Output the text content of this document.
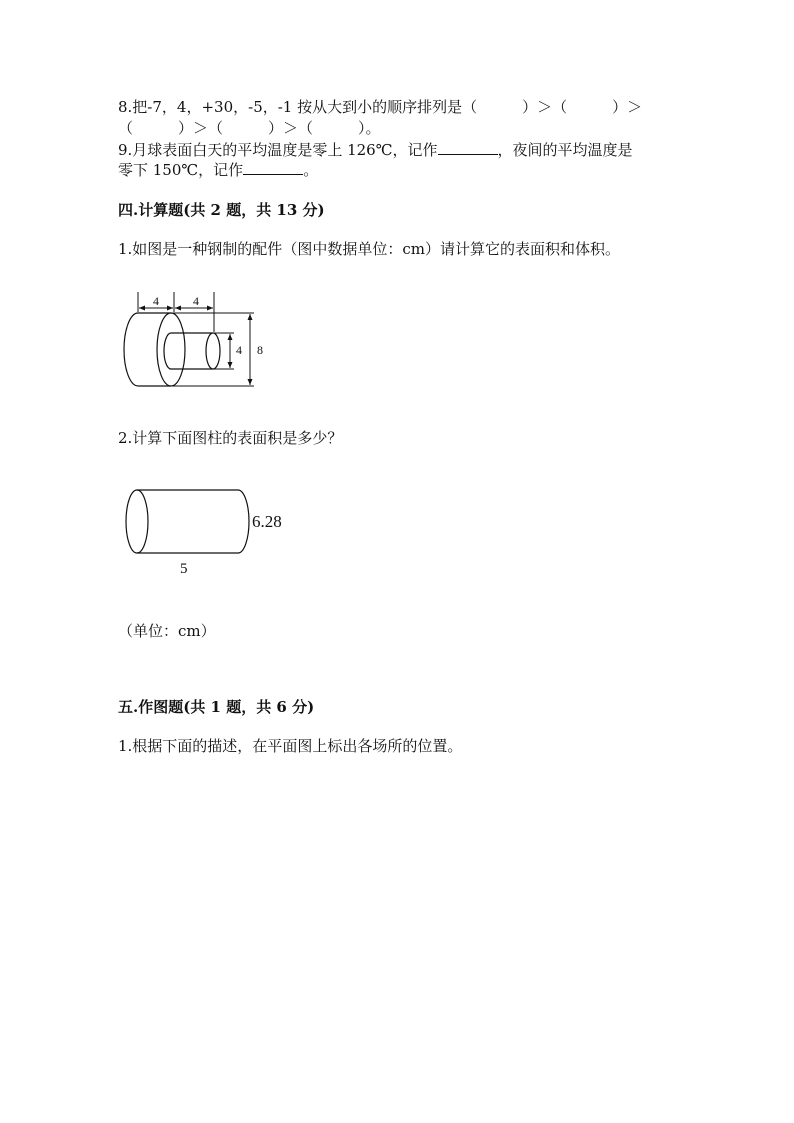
8.把-7，4，+30，-5，-1 按从大到小的顺序排列是（　　　）＞（　　　）＞
（　　　）＞（　　　）＞（　　　）。
9.月球表面白天的平均温度是零上 126℃，记作	，夜间的平均温度是
零下 150℃，记作	。
四.计算题(共 2 题，共 13 分)
1.如图是一种钢制的配件（图中数据单位：cm）请计算它的表面积和体积。
4	4
4 8
2.计算下面图柱的表面积是多少？
6.28
5
（单位：cm）
五.作图题(共 1 题，共 6 分)
1.根据下面的描述，在平面图上标出各场所的位置。
